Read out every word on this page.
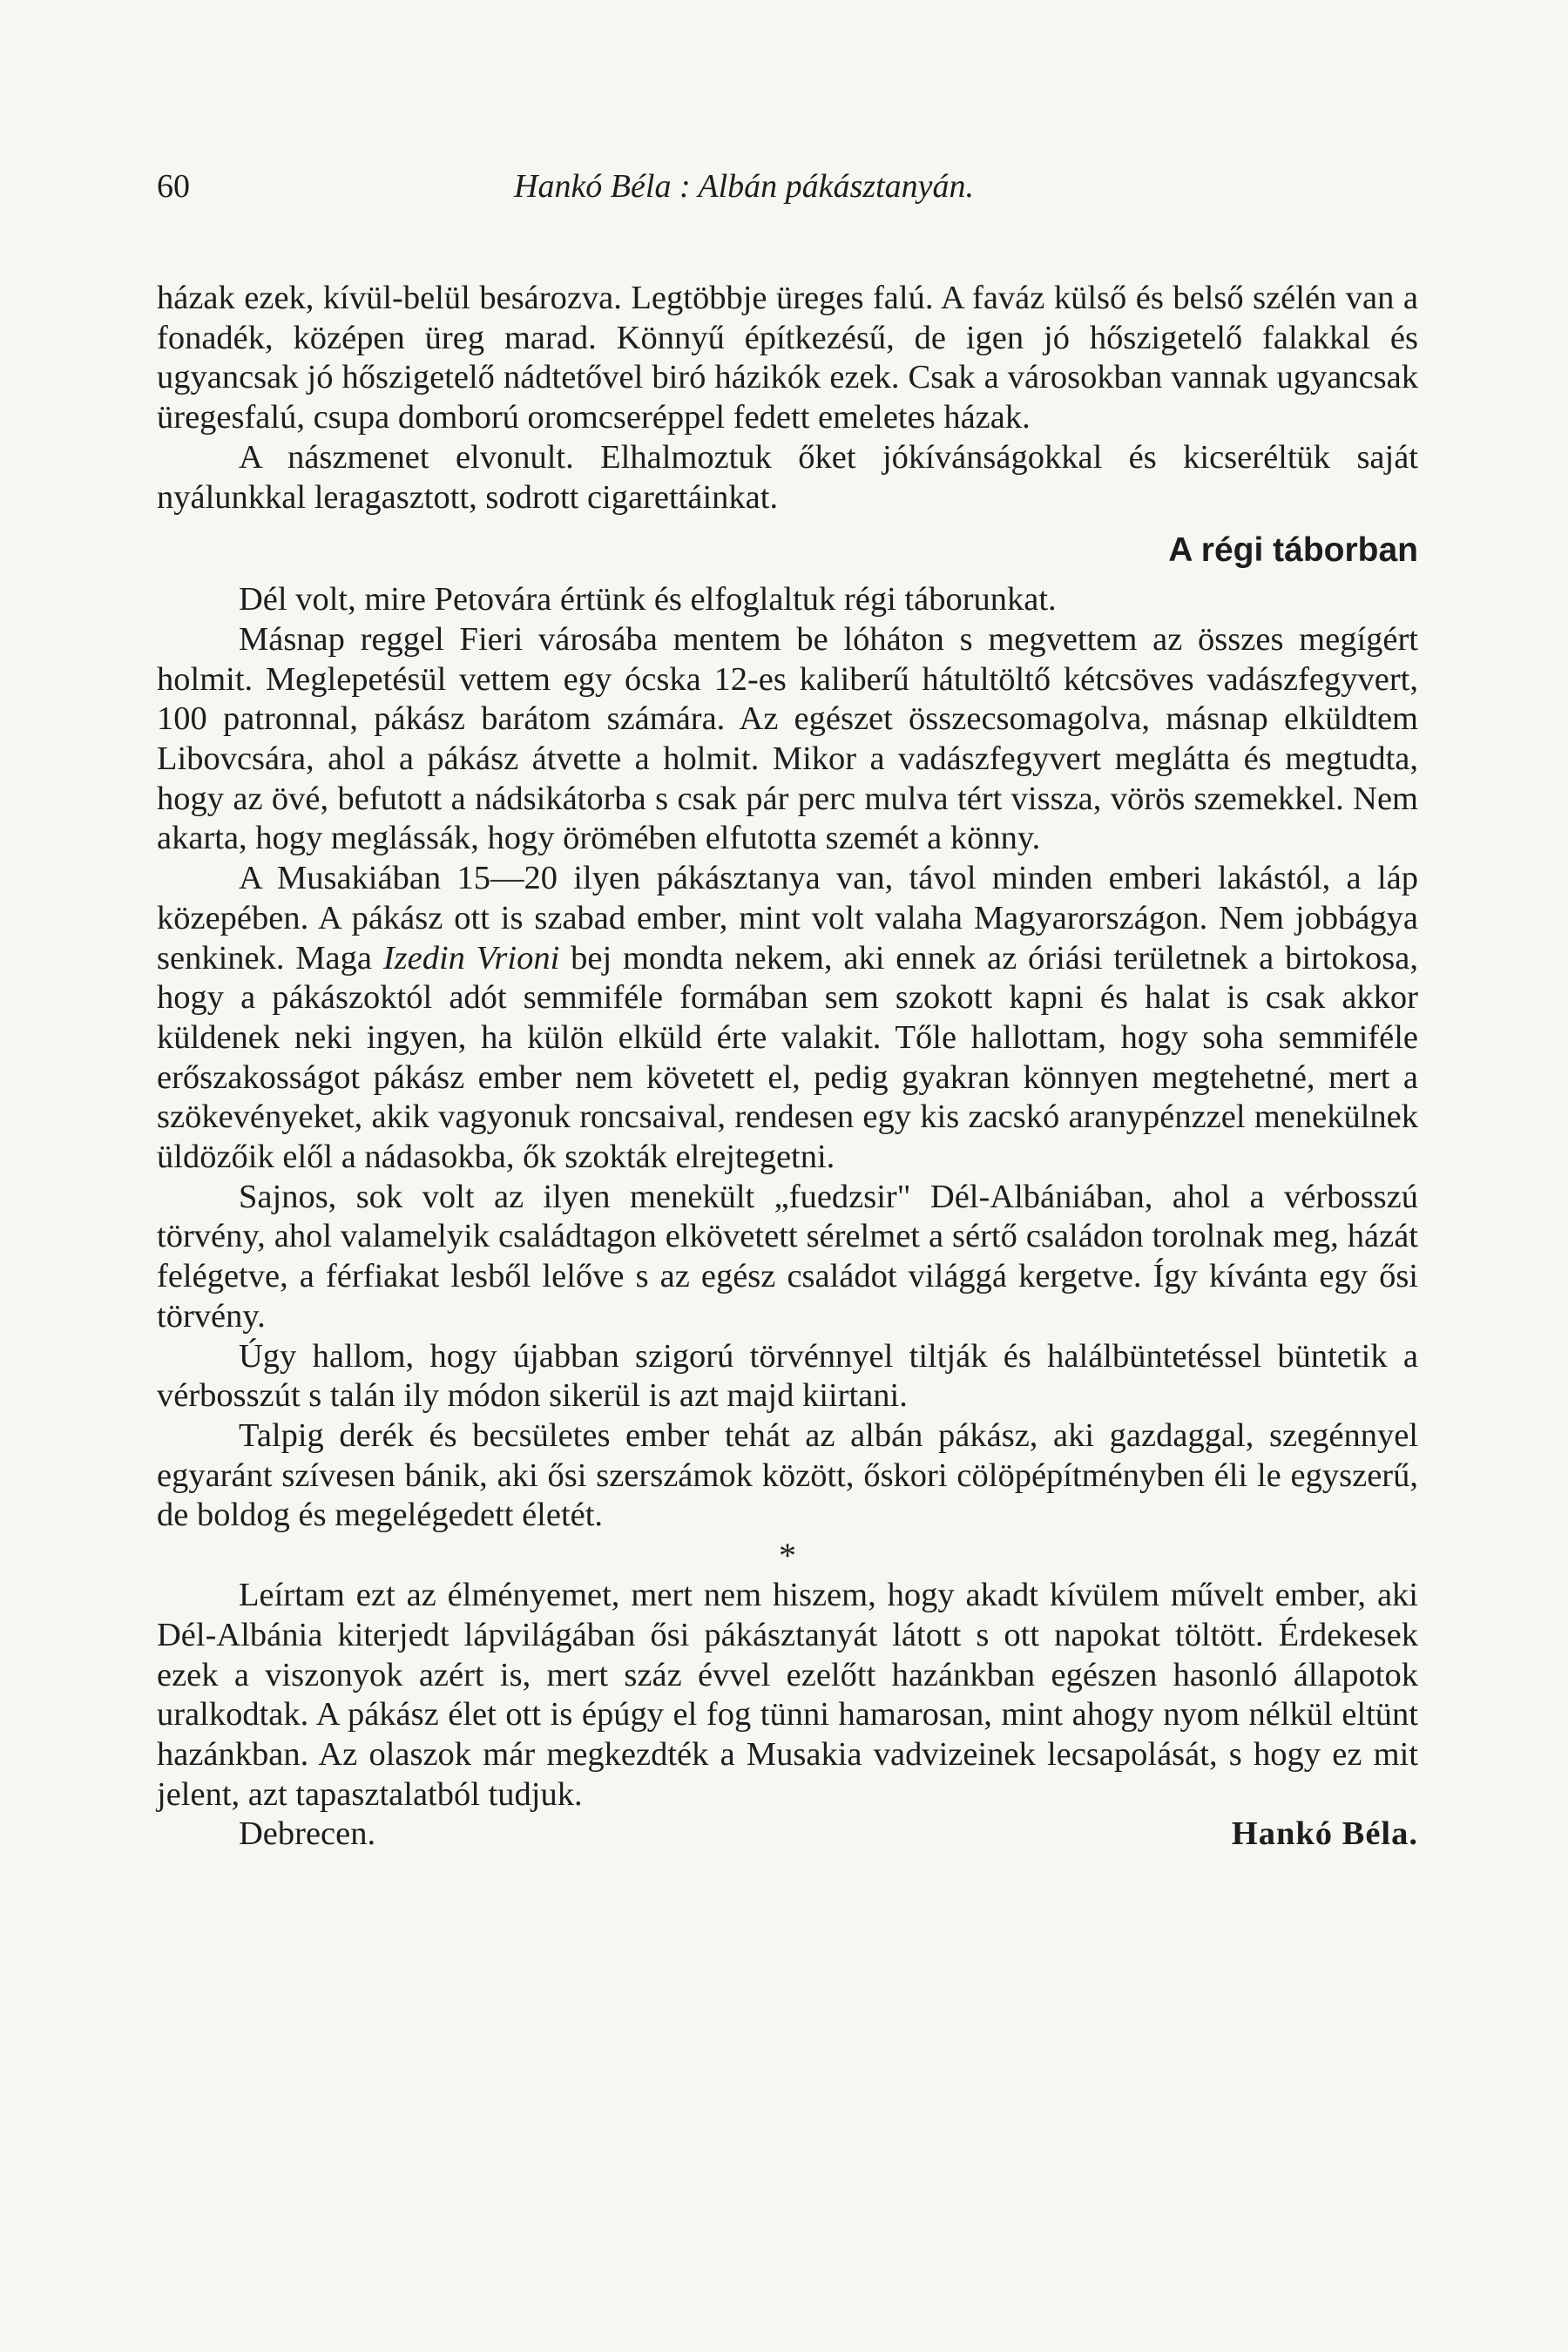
60	Hankó Béla : Albán pákásztanyán.

házak ezek, kívül-belül besározva. Legtöbbje üreges falú. A faváz külső és belső szélén van a fonadék, középen üreg marad. Könnyű építkezésű, de igen jó hőszigetelő falakkal és ugyancsak jó hőszigetelő nádtetővel biró házikók ezek. Csak a városokban vannak ugyancsak üregesfalú, csupa domború oromcseréppel fedett emeletes házak.

A nászmenet elvonult. Elhalmoztuk őket jókívánságokkal és kicseréltük saját nyálunkkal leragasztott, sodrott cigarettáinkat.

A régi táborban

Dél volt, mire Petovára értünk és elfoglaltuk régi táborunkat.

Másnap reggel Fieri városába mentem be lóháton s megvettem az összes megígért holmit. Meglepetésül vettem egy ócska 12-es kaliberű hátultöltő kétcsöves vadászfegyvert, 100 patronnal, pákász barátom számára. Az egészet összecsomagolva, másnap elküldtem Libovcsára, ahol a pákász átvette a holmit. Mikor a vadászfegyvert meglátta és megtudta, hogy az övé, befutott a nádsikátorba s csak pár perc mulva tért vissza, vörös szemekkel. Nem akarta, hogy meglássák, hogy örömében elfutotta szemét a könny.

A Musakiában 15—20 ilyen pákásztanya van, távol minden emberi lakástól, a láp közepében. A pákász ott is szabad ember, mint volt valaha Magyarországon. Nem jobbágya senkinek. Maga Izedin Vrioni bej mondta nekem, aki ennek az óriási területnek a birtokosa, hogy a pákászoktól adót semmiféle formában sem szokott kapni és halat is csak akkor küldenek neki ingyen, ha külön elküld érte valakit. Tőle hallottam, hogy soha semmiféle erőszakosságot pákász ember nem követett el, pedig gyakran könnyen megtehetné, mert a szökevényeket, akik vagyonuk roncsaival, rendesen egy kis zacskó aranypénzzel menekülnek üldözőik elől a nádasokba, ők szokták elrejtegetni.

Sajnos, sok volt az ilyen menekült „fuedzsir" Dél-Albániában, ahol a vérbosszú törvény, ahol valamelyik családtagon elkövetett sérelmet a sértő családon torolnak meg, házát felégetve, a férfiakat lesből lelőve s az egész családot világgá kergetve. Így kívánta egy ősi törvény.

Úgy hallom, hogy újabban szigorú törvénnyel tiltják és halálbüntetéssel büntetik a vérbosszút s talán ily módon sikerül is azt majd kiirtani.

Talpig derék és becsületes ember tehát az albán pákász, aki gazdaggal, szegénnyel egyaránt szívesen bánik, aki ősi szerszámok között, őskori cölöpépítményben éli le egyszerű, de boldog és megelégedett életét.

*

Leírtam ezt az élményemet, mert nem hiszem, hogy akadt kívülem művelt ember, aki Dél-Albánia kiterjedt lápvilágában ősi pákásztanyát látott s ott napokat töltött. Érdekesek ezek a viszonyok azért is, mert száz évvel ezelőtt hazánkban egészen hasonló állapotok uralkodtak. A pákász élet ott is épúgy el fog tünni hamarosan, mint ahogy nyom nélkül eltünt hazánkban. Az olaszok már megkezdték a Musakia vadvizeinek lecsapolását, s hogy ez mit jelent, azt tapasztalatból tudjuk.

Debrecen.	Hankó Béla.
